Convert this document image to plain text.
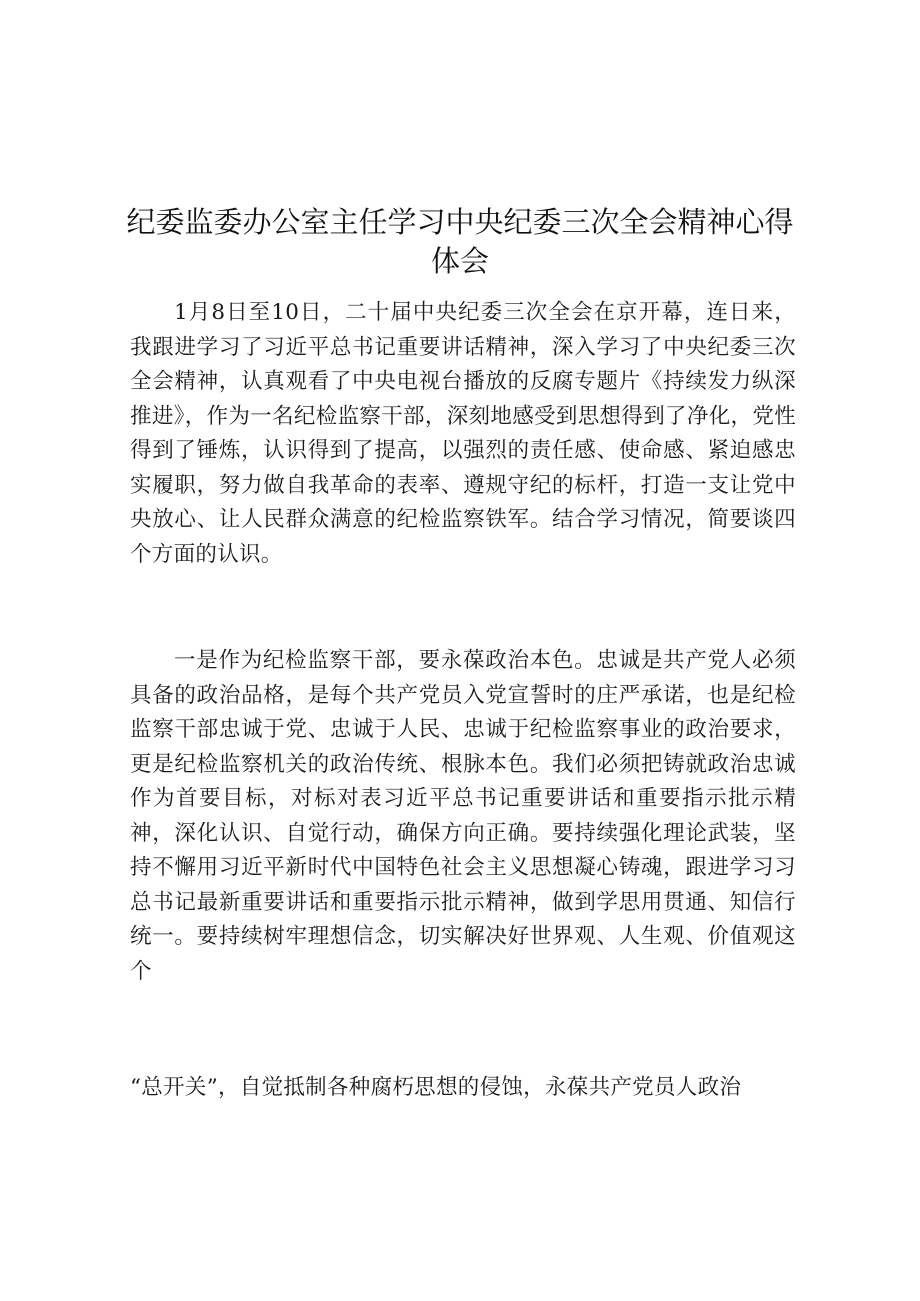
纪委监委办公室主任学习中央纪委三次全会精神心得体会

1月8日至10日，二十届中央纪委三次全会在京开幕，连日来，我跟进学习了习近平总书记重要讲话精神，深入学习了中央纪委三次全会精神，认真观看了中央电视台播放的反腐专题片《持续发力纵深推进》，作为一名纪检监察干部，深刻地感受到思想得到了净化，党性得到了锤炼，认识得到了提高，以强烈的责任感、使命感、紧迫感忠实履职，努力做自我革命的表率、遵规守纪的标杆，打造一支让党中央放心、让人民群众满意的纪检监察铁军。结合学习情况，简要谈四个方面的认识。

一是作为纪检监察干部，要永葆政治本色。忠诚是共产党人必须具备的政治品格，是每个共产党员入党宣誓时的庄严承诺，也是纪检监察干部忠诚于党、忠诚于人民、忠诚于纪检监察事业的政治要求，更是纪检监察机关的政治传统、根脉本色。我们必须把铸就政治忠诚作为首要目标，对标对表习近平总书记重要讲话和重要指示批示精神，深化认识、自觉行动，确保方向正确。要持续强化理论武装，坚持不懈用习近平新时代中国特色社会主义思想凝心铸魂，跟进学习习总书记最新重要讲话和重要指示批示精神，做到学思用贯通、知信行统一。要持续树牢理想信念，切实解决好世界观、人生观、价值观这个

“总开关”，自觉抵制各种腐朽思想的侵蚀，永葆共产党员人政治
